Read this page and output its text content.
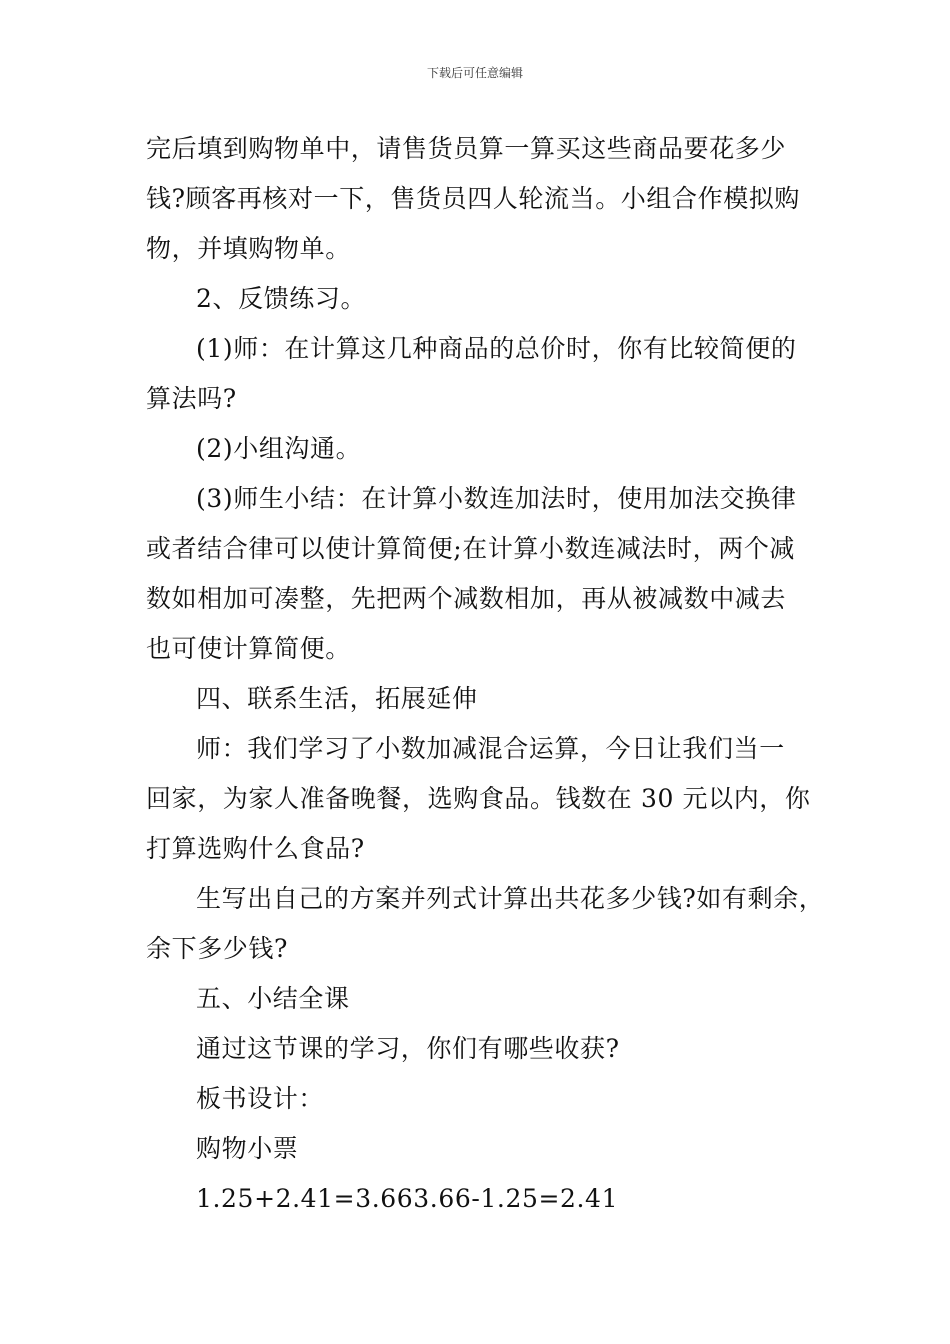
下载后可任意编辑
完后填到购物单中，请售货员算一算买这些商品要花多少
钱?顾客再核对一下，售货员四人轮流当。小组合作模拟购
物，并填购物单。
2、反馈练习。
(1)师：在计算这几种商品的总价时，你有比较简便的
算法吗?
(2)小组沟通。
(3)师生小结：在计算小数连加法时，使用加法交换律
或者结合律可以使计算简便;在计算小数连减法时，两个减
数如相加可凑整，先把两个减数相加，再从被减数中减去
也可使计算简便。
四、联系生活，拓展延伸
师：我们学习了小数加减混合运算，今日让我们当一
回家，为家人准备晚餐，选购食品。钱数在 30 元以内，你
打算选购什么食品?
生写出自己的方案并列式计算出共花多少钱?如有剩余，
余下多少钱?
五、小结全课
通过这节课的学习，你们有哪些收获?
板书设计：
购物小票
1.25+2.41=3.663.66-1.25=2.41
